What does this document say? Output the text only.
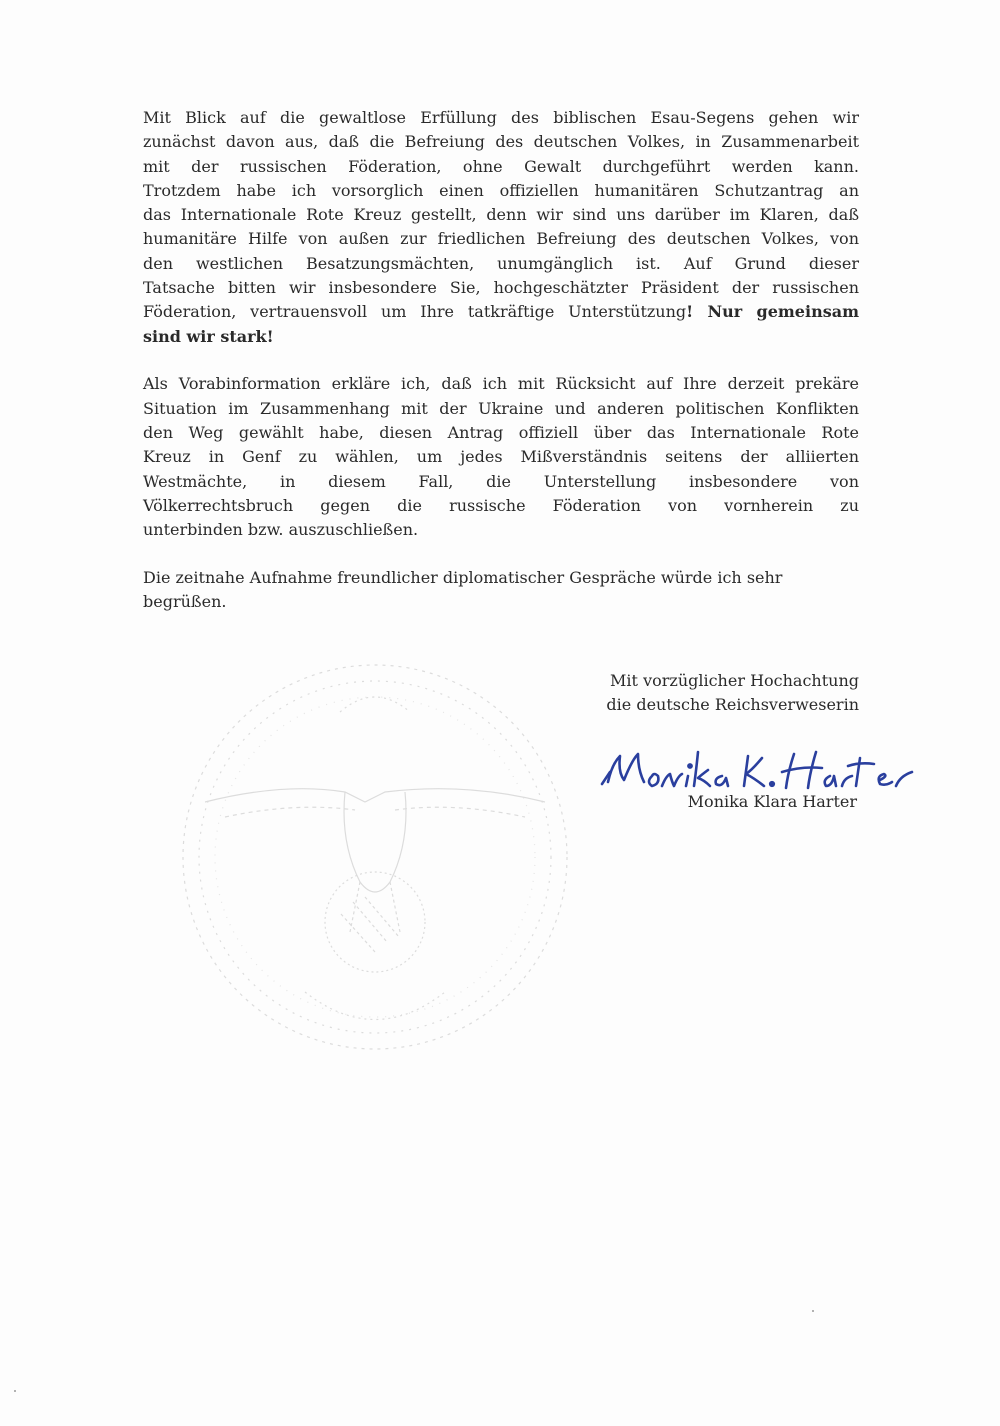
Mit Blick auf die gewaltlose Erfüllung des biblischen Esau-Segens gehen wir
zunächst davon aus, daß die Befreiung des deutschen Volkes, in Zusammenarbeit
mit der russischen Föderation, ohne Gewalt durchgeführt werden kann.
Trotzdem habe ich vorsorglich einen offiziellen humanitären Schutzantrag an
das Internationale Rote Kreuz gestellt, denn wir sind uns darüber im Klaren, daß
humanitäre Hilfe von außen zur friedlichen Befreiung des deutschen Volkes, von
den westlichen Besatzungsmächten, unumgänglich ist. Auf Grund dieser
Tatsache bitten wir insbesondere Sie, hochgeschätzter Präsident der russischen
Föderation, vertrauensvoll um Ihre tatkräftige Unterstützung! Nur gemeinsam
sind wir stark!

Als Vorabinformation erkläre ich, daß ich mit Rücksicht auf Ihre derzeit prekäre
Situation im Zusammenhang mit der Ukraine und anderen politischen Konflikten
den Weg gewählt habe, diesen Antrag offiziell über das Internationale Rote
Kreuz in Genf zu wählen, um jedes Mißverständnis seitens der alliierten
Westmächte, in diesem Fall, die Unterstellung insbesondere von
Völkerrechtsbruch gegen die russische Föderation von vornherein zu
unterbinden bzw. auszuschließen.

Die zeitnahe Aufnahme freundlicher diplomatischer Gespräche würde ich sehr
begrüßen.

Mit vorzüglicher Hochachtung
die deutsche Reichsverweserin
Monika Klara Harter
